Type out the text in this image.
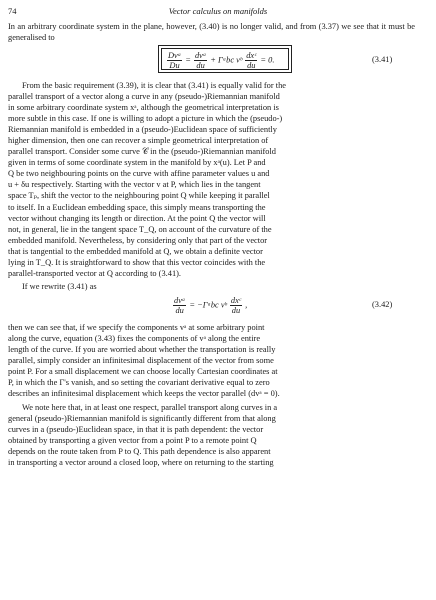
74	Vector calculus on manifolds

In an arbitrary coordinate system in the plane, however, (3.40) is no longer valid, and from (3.37) we see that it must be generalised to

$\frac{\text{Dvᵃ}}{Du} = \frac{\text{dvᵃ}}{du}$ + Γᵃbc vᵇ $\frac{\text{dxᶜ}}{du} = 0$.	(3.41)
From the basic requirement (3.39), it is clear that (3.41) is equally valid for the
parallel transport of a vector along a curve in any (pseudo-)Riemannian manifold
in some arbitrary coordinate system xᵃ, although the geometrical interpretation is
more subtle in this case. If one is willing to adopt a picture in which the (pseudo-)
Riemannian manifold is embedded in a (pseudo-)Euclidean space of sufficiently
higher dimension, then one can recover a simple geometrical interpretation of
parallel transport. Consider some curve 𝒞 in the (pseudo-)Riemannian manifold
given in terms of some coordinate system in the manifold by xᵃ(u). Let P and
Q be two neighbouring points on the curve with affine parameter values u and
u + δu respectively. Starting with the vector v at P, which lies in the tangent
space Tₚ, shift the vector to the neighbouring point Q while keeping it parallel
to itself. In a Euclidean embedding space, this simply means transporting the
vector without changing its length or direction. At the point Q the vector will
not, in general, lie in the tangent space T_Q, on account of the curvature of the
embedded manifold. Nevertheless, by considering only that part of the vector
that is tangential to the embedded manifold at Q, we obtain a definite vector
lying in T_Q. It is straightforward to show that this vector coincides with the
parallel-transported vector at Q according to (3.41).

If we rewrite (3.41) as

$\frac{\text{dvᵃ}}{du}$ = −Γᵃbc vᵇ $\frac{\text{dxᶜ}}{du}$ ,	(3.42)
then we can see that, if we specify the components vᵃ at some arbitrary point
along the curve, equation (3.43) fixes the components of vᵃ along the entire
length of the curve. If you are worried about whether the transportation is really
parallel, simply consider an infinitesimal displacement of the vector from some
point P. For a small displacement we can choose locally Cartesian coordinates at
P, in which the Γ's vanish, and so setting the covariant derivative equal to zero
describes an infinitesimal displacement which keeps the vector parallel (dvᵃ = 0).
We note here that, in at least one respect, parallel transport along curves in a
general (pseudo-)Riemannian manifold is significantly different from that along
curves in a (pseudo-)Euclidean space, in that it is path dependent: the vector
obtained by transporting a given vector from a point P to a remote point Q
depends on the route taken from P to Q. This path dependence is also apparent
in transporting a vector around a closed loop, where on returning to the starting
